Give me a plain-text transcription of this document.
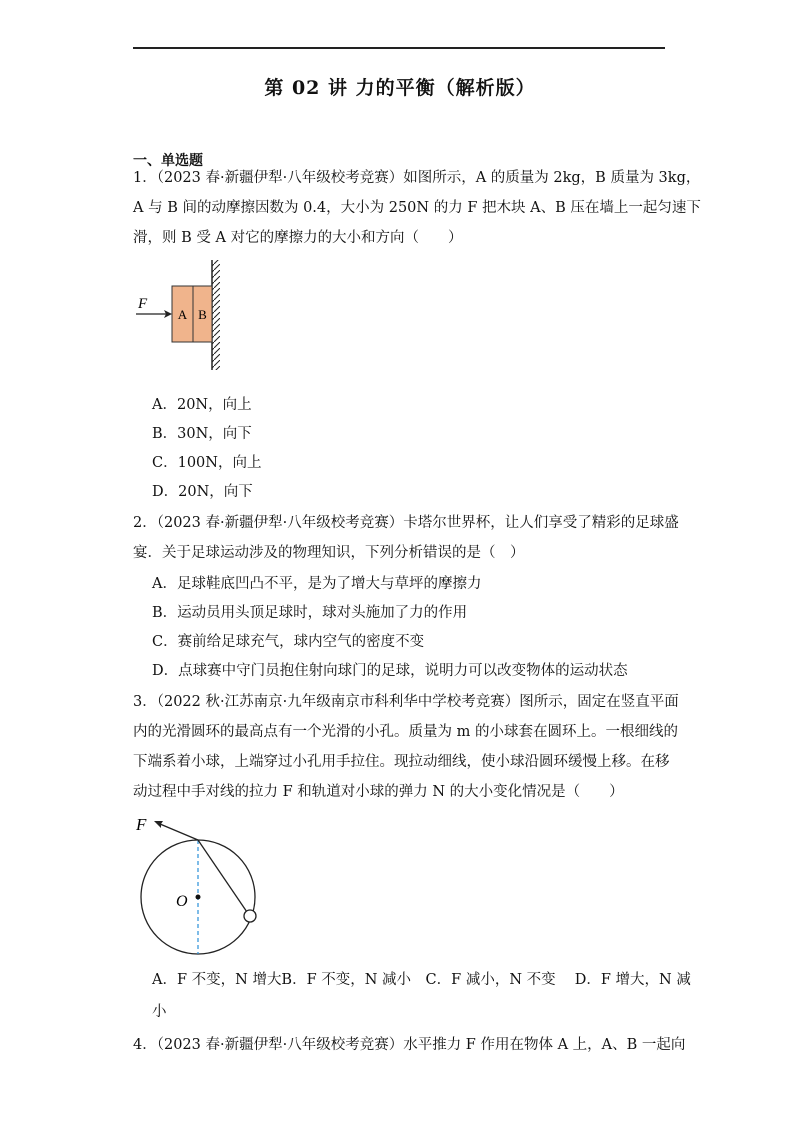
第 02 讲 力的平衡（解析版）
一、单选题
1．（2023 春·新疆伊犁·八年级校考竞赛）如图所示，A 的质量为 2kg，B 质量为 3kg，
A 与 B 间的动摩擦因数为 0.4，大小为 250N 的力 F 把木块 A、B 压在墙上一起匀速下
滑，则 B 受 A 对它的摩擦力的大小和方向（　　）
A B
F
A．20N，向上
B．30N，向下
C．100N，向上
D．20N，向下
2．（2023 春·新疆伊犁·八年级校考竞赛）卡塔尔世界杯，让人们享受了精彩的足球盛
宴．关于足球运动涉及的物理知识，下列分析错误的是（　）
A．足球鞋底凹凸不平，是为了增大与草坪的摩擦力
B．运动员用头顶足球时，球对头施加了力的作用
C．赛前给足球充气，球内空气的密度不变
D．点球赛中守门员抱住射向球门的足球，说明力可以改变物体的运动状态
3．（2022 秋·江苏南京·九年级南京市科利华中学校考竞赛）图所示，固定在竖直平面
内的光滑圆环的最高点有一个光滑的小孔。质量为 m 的小球套在圆环上。一根细线的
下端系着小球，上端穿过小孔用手拉住。现拉动细线，使小球沿圆环缓慢上移。在移
动过程中手对线的拉力 F 和轨道对小球的弹力 N 的大小变化情况是（　　）
O
F
A．F 不变，N 增大B．F 不变，N 减小　C．F 减小，N 不变　 D．F 增大，N 减
小
4．（2023 春·新疆伊犁·八年级校考竞赛）水平推力 F 作用在物体 A 上，A、B 一起向
